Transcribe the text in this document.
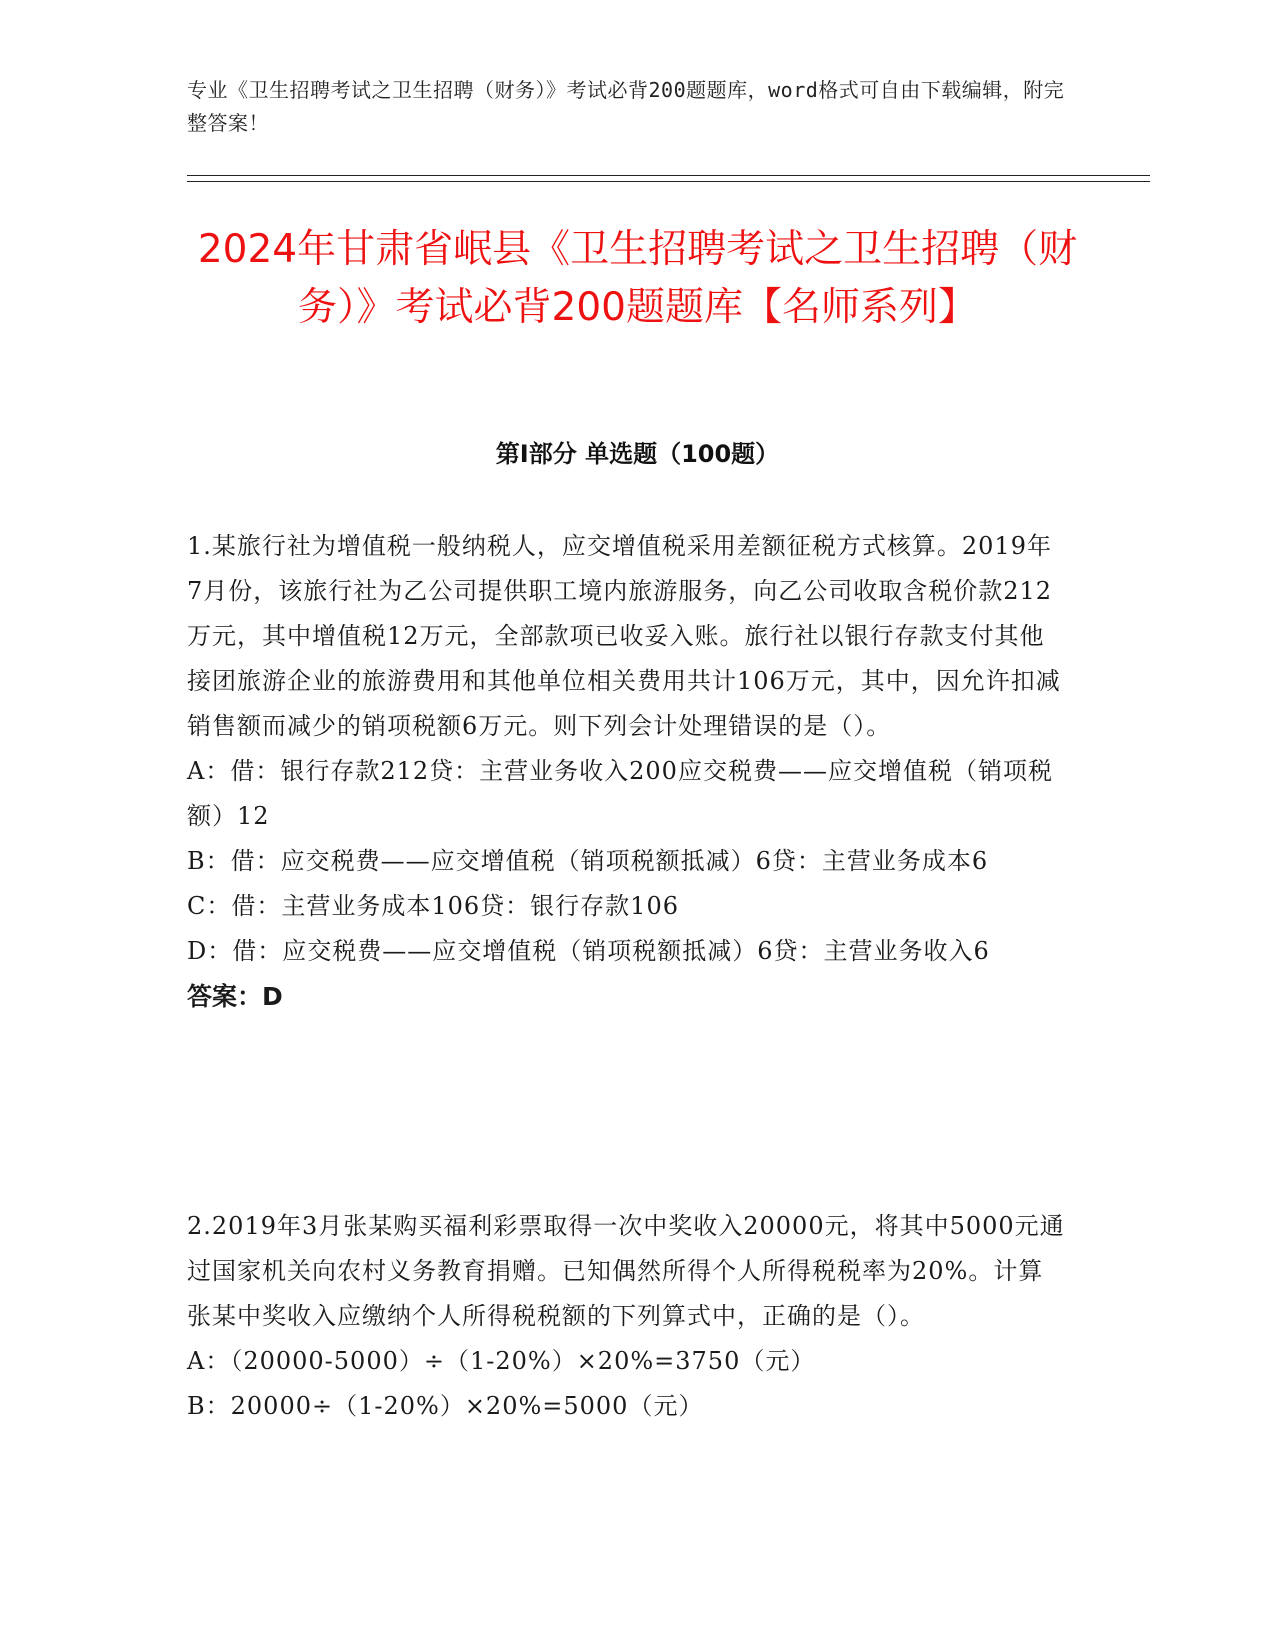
专业《卫生招聘考试之卫生招聘（财务）》考试必背200题题库，word格式可自由下载编辑，附完整答案！
2024年甘肃省岷县《卫生招聘考试之卫生招聘（财务）》考试必背200题题库【名师系列】
第I部分 单选题（100题）

1.某旅行社为增值税一般纳税人，应交增值税采用差额征税方式核算。2019年7月份，该旅行社为乙公司提供职工境内旅游服务，向乙公司收取含税价款212万元，其中增值税12万元，全部款项已收妥入账。旅行社以银行存款支付其他接团旅游企业的旅游费用和其他单位相关费用共计106万元，其中，因允许扣减销售额而减少的销项税额6万元。则下列会计处理错误的是（）。

A：借：银行存款212贷：主营业务收入200应交税费——应交增值税（销项税额）12

B：借：应交税费——应交增值税（销项税额抵减）6贷：主营业务成本6

C：借：主营业务成本106贷：银行存款106

D：借：应交税费——应交增值税（销项税额抵减）6贷：主营业务收入6

答案：D

2.2019年3月张某购买福利彩票取得一次中奖收入20000元，将其中5000元通过国家机关向农村义务教育捐赠。已知偶然所得个人所得税税率为20%。计算张某中奖收入应缴纳个人所得税税额的下列算式中，正确的是（）。

A：（20000-5000）÷（1-20%）×20%=3750（元）

B：20000÷（1-20%）×20%=5000（元）
